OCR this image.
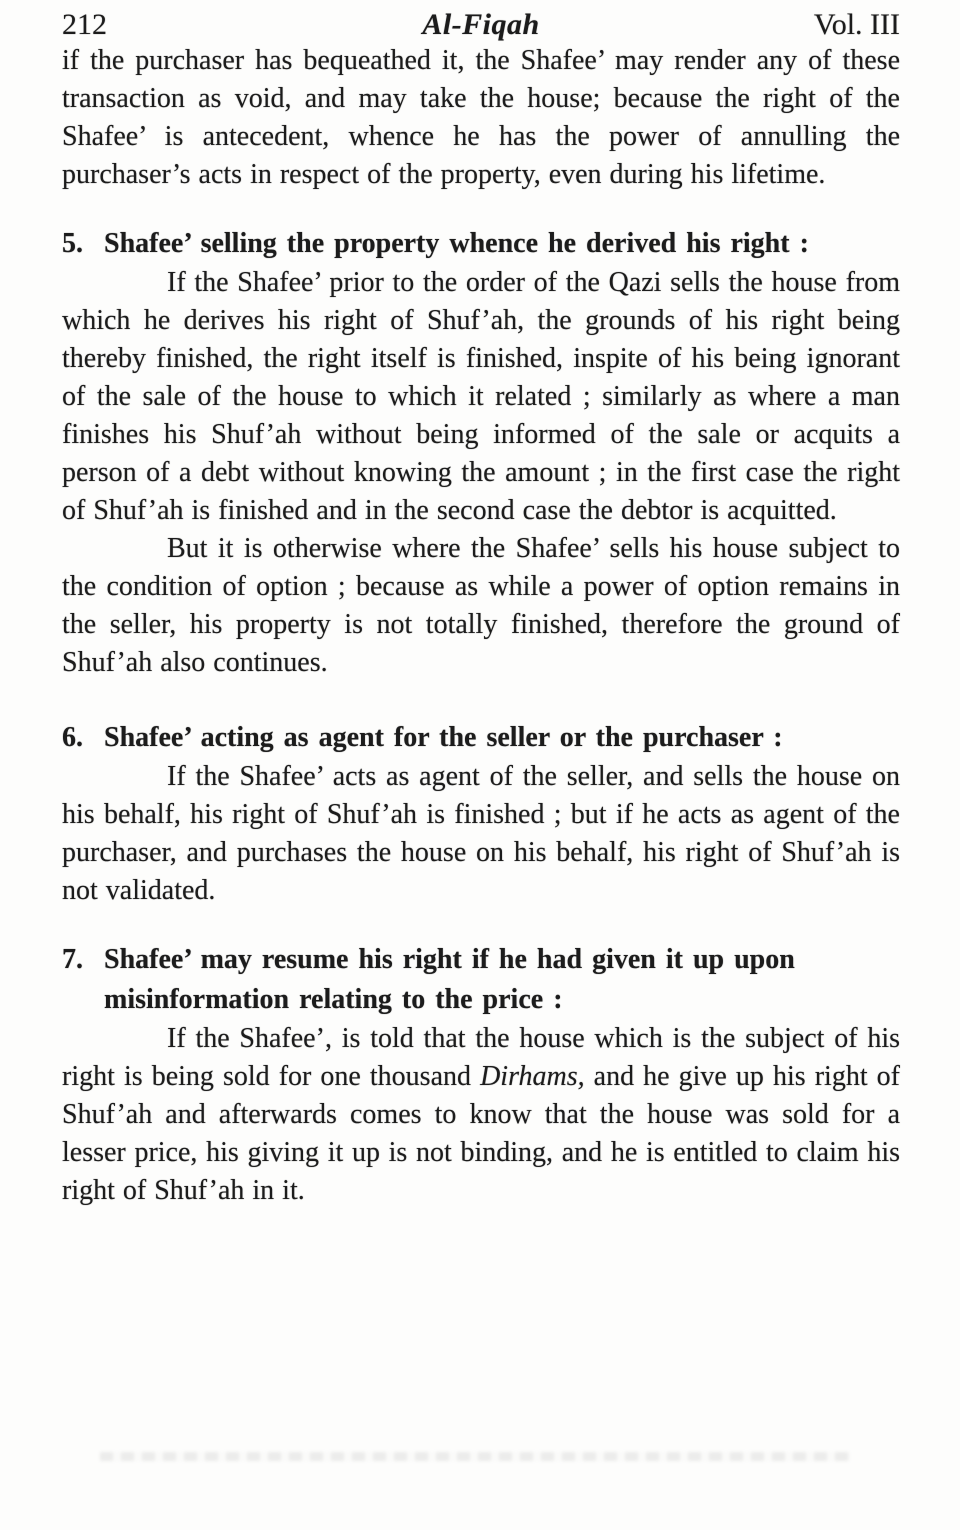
212	Al-Fiqah	Vol. III

if the purchaser has bequeathed it, the Shafee’ may render any of these transaction as void, and may take the house; because the right of the Shafee’ is antecedent, whence he has the power of annulling the purchaser’s acts in respect of the property, even during his lifetime.

5. Shafee’ selling the property whence he derived his right :

If the Shafee’ prior to the order of the Qazi sells the house from which he derives his right of Shuf’ah, the grounds of his right being thereby finished, the right itself is finished, inspite of his being ignorant of the sale of the house to which it related ; similarly as where a man finishes his Shuf’ah without being informed of the sale or acquits a person of a debt without knowing the amount ; in the first case the right of Shuf’ah is finished and in the second case the debtor is acquitted.

But it is otherwise where the Shafee’ sells his house subject to the condition of option ; because as while a power of option remains in the seller, his property is not totally finished, therefore the ground of Shuf’ah also continues.

6. Shafee’ acting as agent for the seller or the purchaser :

If the Shafee’ acts as agent of the seller, and sells the house on his behalf, his right of Shuf’ah is finished ; but if he acts as agent of the purchaser, and purchases the house on his behalf, his right of Shuf’ah is not validated.

7. Shafee’ may resume his right if he had given it up upon misinformation relating to the price :

If the Shafee’, is told that the house which is the subject of his right is being sold for one thousand Dirhams, and he give up his right of Shuf’ah and afterwards comes to know that the house was sold for a lesser price, his giving it up is not binding, and he is entitled to claim his right of Shuf’ah in it.
